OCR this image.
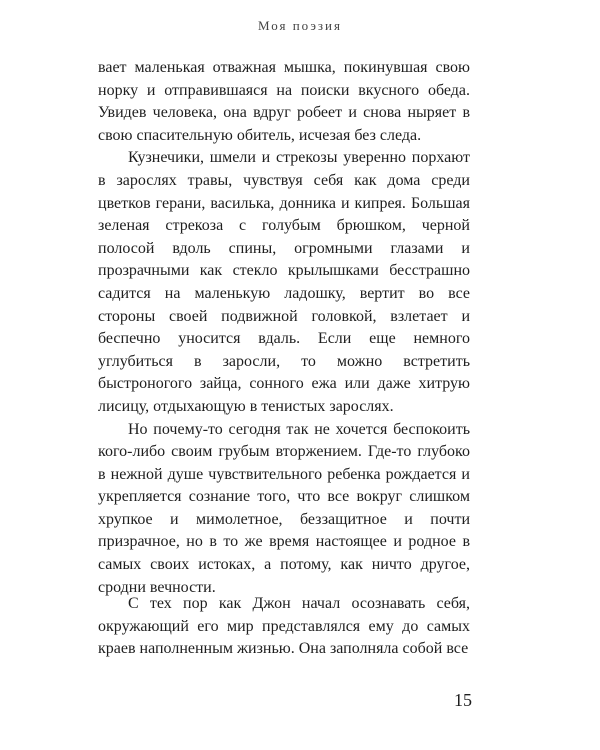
Моя поэзия

вает маленькая отважная мышка, покинувшая свою норку и отправившаяся на поиски вкусного обеда. Увидев человека, она вдруг робеет и снова ныряет в свою спасительную обитель, исчезая без следа.

Кузнечики, шмели и стрекозы уверенно порхают в зарослях травы, чувствуя себя как дома среди цветков герани, василька, донника и кипрея. Большая зеленая стрекоза с голубым брюшком, черной полосой вдоль спины, огромными глазами и прозрачными как стекло крылышками бесстрашно садится на маленькую ладошку, вертит во все стороны своей подвижной головкой, взлетает и беспечно уносится вдаль. Если еще немного углубиться в заросли, то можно встретить быстроногого зайца, сонного ежа или даже хитрую лисицу, отдыхающую в тенистых зарослях.

Но почему-то сегодня так не хочется беспокоить кого-либо своим грубым вторжением. Где-то глубоко в нежной душе чувствительного ребенка рождается и укрепляется сознание того, что все вокруг слишком хрупкое и мимолетное, беззащитное и почти призрачное, но в то же время настоящее и родное в самых своих истоках, а потому, как ничто другое, сродни вечности.

С тех пор как Джон начал осознавать себя, окружающий его мир представлялся ему до самых краев наполненным жизнью. Она заполняла собой все

15
